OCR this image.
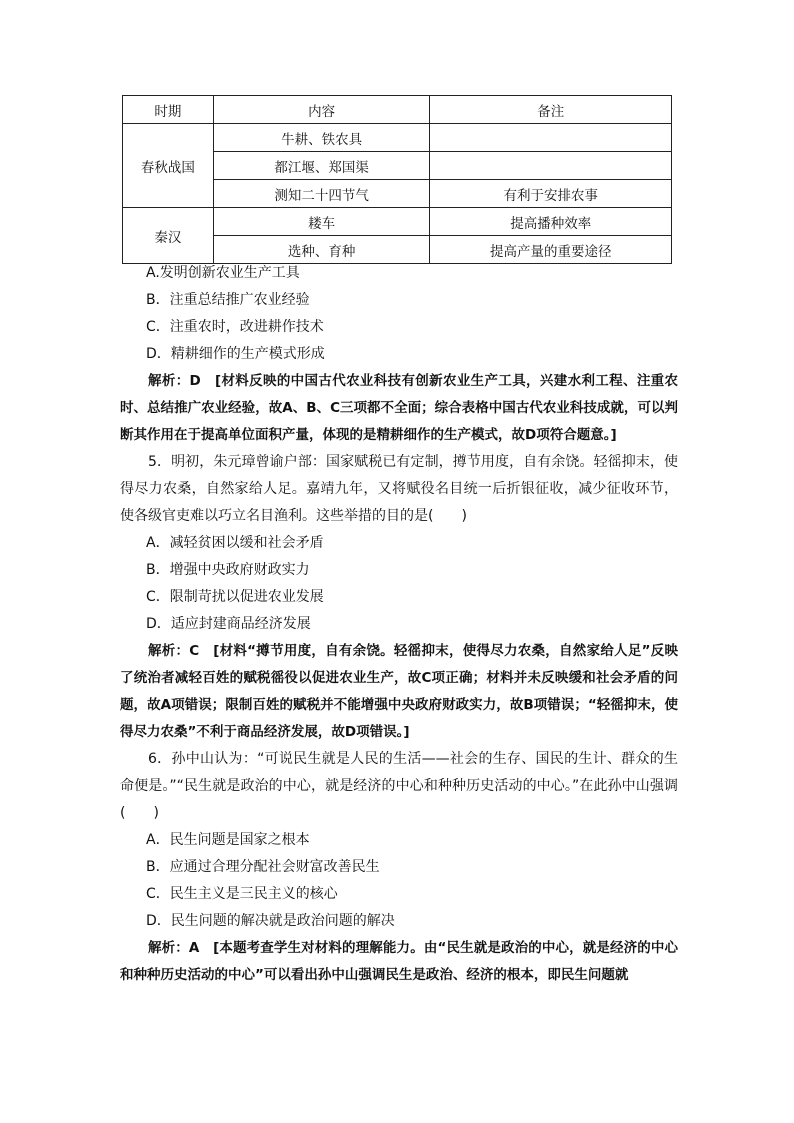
时期	内容	备注
春秋战国	牛耕、铁农具	
	都江堰、郑国渠	
	测知二十四节气	有利于安排农事
秦汉	耧车	提高播种效率
	选种、育种	提高产量的重要途径
A.发明创新农业生产工具
B．注重总结推广农业经验
C．注重农时，改进耕作技术
D．精耕细作的生产模式形成
解析：D　[材料反映的中国古代农业科技有创新农业生产工具，兴建水利工程、注重农时、总结推广农业经验，故A、B、C三项都不全面；综合表格中国古代农业科技成就，可以判断其作用在于提高单位面积产量，体现的是精耕细作的生产模式，故D项符合题意。]
5．明初，朱元璋曾谕户部：国家赋税已有定制，撙节用度，自有余饶。轻徭抑末，使得尽力农桑，自然家给人足。嘉靖九年，又将赋役名目统一后折银征收，减少征收环节，使各级官吏难以巧立名目渔利。这些举措的目的是(　　)
A．减轻贫困以缓和社会矛盾
B．增强中央政府财政实力
C．限制苛扰以促进农业发展
D．适应封建商品经济发展
解析：C　[材料“撙节用度，自有余饶。轻徭抑末，使得尽力农桑，自然家给人足”反映了统治者减轻百姓的赋税徭役以促进农业生产，故C项正确；材料并未反映缓和社会矛盾的问题，故A项错误；限制百姓的赋税并不能增强中央政府财政实力，故B项错误；“轻徭抑末，使得尽力农桑”不利于商品经济发展，故D项错误。]
6．孙中山认为：“可说民生就是人民的生活——社会的生存、国民的生计、群众的生命便是。”“民生就是政治的中心，就是经济的中心和种种历史活动的中心。”在此孙中山强调(　　)
A．民生问题是国家之根本
B．应通过合理分配社会财富改善民生
C．民生主义是三民主义的核心
D．民生问题的解决就是政治问题的解决
解析：A　[本题考查学生对材料的理解能力。由“民生就是政治的中心，就是经济的中心和种种历史活动的中心”可以看出孙中山强调民生是政治、经济的根本，即民生问题就
